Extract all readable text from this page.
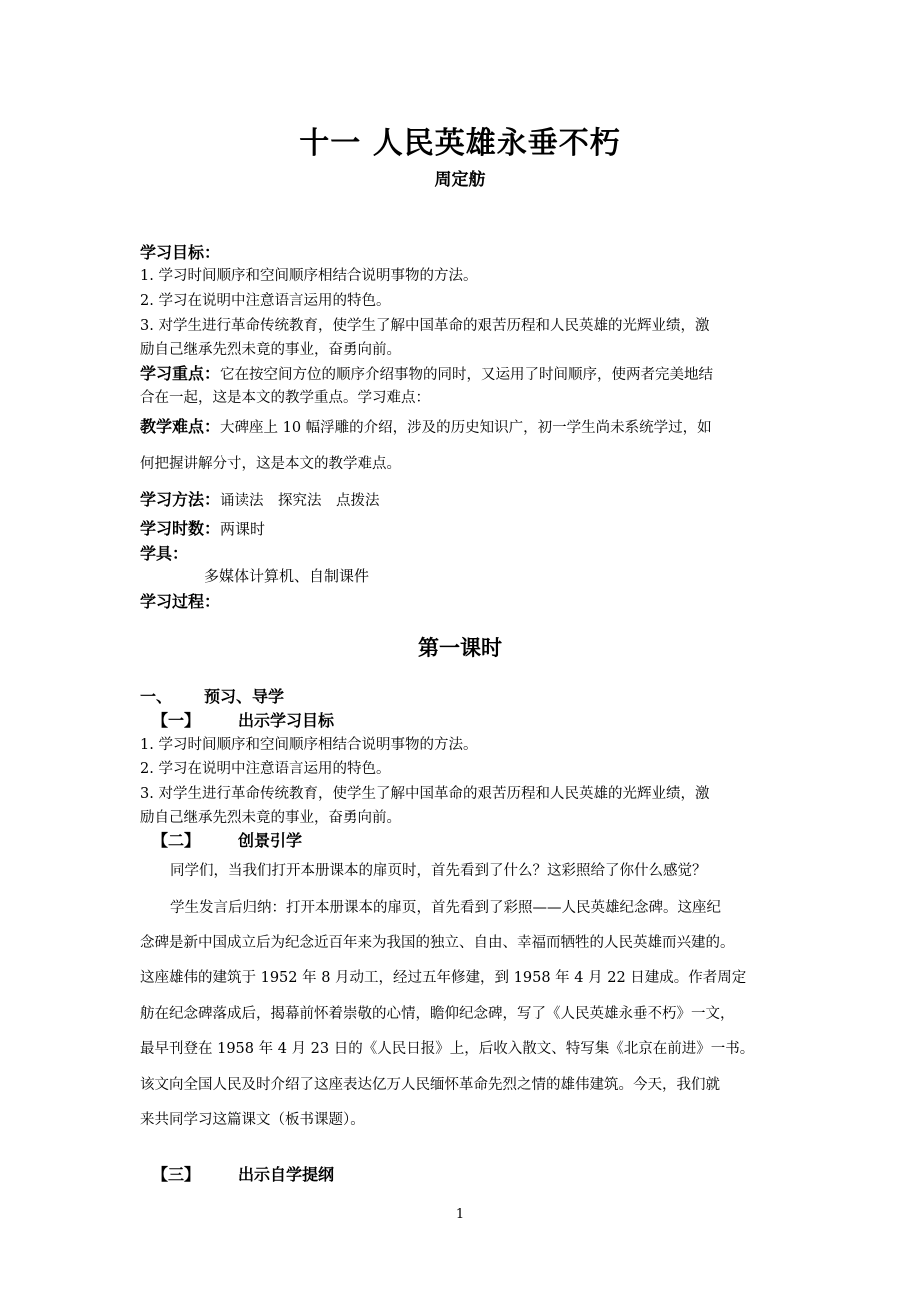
十一 人民英雄永垂不朽
周定舫
学习目标：
1. 学习时间顺序和空间顺序相结合说明事物的方法。
2. 学习在说明中注意语言运用的特色。
3. 对学生进行革命传统教育，使学生了解中国革命的艰苦历程和人民英雄的光辉业绩，激
励自己继承先烈未竟的事业，奋勇向前。
学习重点：它在按空间方位的顺序介绍事物的同时，又运用了时间顺序，使两者完美地结
合在一起，这是本文的教学重点。学习难点：
教学难点：大碑座上 10 幅浮雕的介绍，涉及的历史知识广，初一学生尚未系统学过，如
何把握讲解分寸，这是本文的教学难点。
学习方法：诵读法　探究法　点拨法
学习时数：两课时
学具：
多媒体计算机、自制课件
学习过程：
第一课时
一、 预习、导学
【一】 出示学习目标
1. 学习时间顺序和空间顺序相结合说明事物的方法。
2. 学习在说明中注意语言运用的特色。
3. 对学生进行革命传统教育，使学生了解中国革命的艰苦历程和人民英雄的光辉业绩，激
励自己继承先烈未竟的事业，奋勇向前。
【二】 创景引学
同学们，当我们打开本册课本的扉页时，首先看到了什么？这彩照给了你什么感觉？
学生发言后归纳：打开本册课本的扉页，首先看到了彩照——人民英雄纪念碑。这座纪
念碑是新中国成立后为纪念近百年来为我国的独立、自由、幸福而牺牲的人民英雄而兴建的。
这座雄伟的建筑于 1952 年 8 月动工，经过五年修建，到 1958 年 4 月 22 日建成。作者周定
舫在纪念碑落成后，揭幕前怀着崇敬的心情，瞻仰纪念碑，写了《人民英雄永垂不朽》一文，
最早刊登在 1958 年 4 月 23 日的《人民日报》上，后收入散文、特写集《北京在前进》一书。
该文向全国人民及时介绍了这座表达亿万人民缅怀革命先烈之情的雄伟建筑。今天，我们就
来共同学习这篇课文（板书课题）。
【三】 出示自学提纲
1
